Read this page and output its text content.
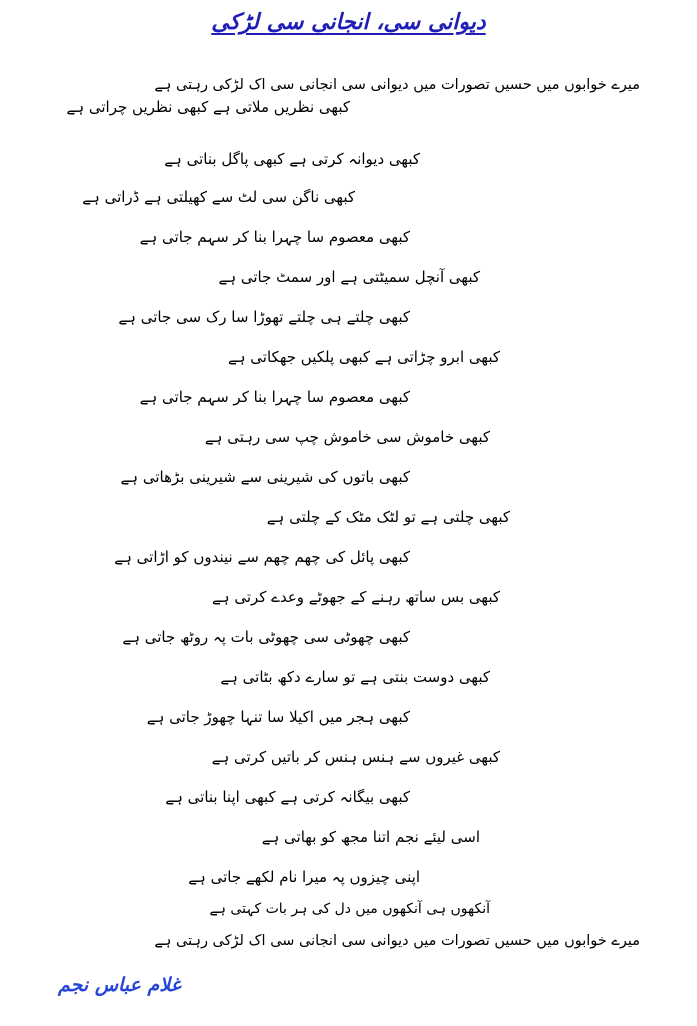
دیوانی سی، انجانی سی لڑکی
میرے خوابوں میں حسیں تصورات میں دیوانی سی انجانی سی اک لڑکی رہتی ہے
کبھی نظریں ملاتی ہے کبھی نظریں چراتی ہے
کبھی دیوانہ کرتی ہے کبھی پاگل بناتی ہے
کبھی ناگن سی لٹ سے کھیلتی ہے ڈراتی ہے
کبھی معصوم سا چہرا بنا کر سہم جاتی ہے
کبھی آنچل سمیٹتی ہے اور سمٹ جاتی ہے
کبھی چلتے ہی چلتے تھوڑا سا رک سی جاتی ہے
کبھی ابرو چڑاتی ہے کبھی پلکیں جھکاتی ہے
کبھی معصوم سا چہرا بنا کر سہم جاتی ہے
کبھی خاموش سی خاموش چپ سی رہتی ہے
کبھی باتوں کی شیرینی سے شیرینی بڑھاتی ہے
کبھی چلتی ہے تو لٹک مٹک کے چلتی ہے
کبھی پائل کی چھم چھم سے نیندوں کو اڑاتی ہے
کبھی بس ساتھ رہنے کے جھوٹے وعدے کرتی ہے
کبھی چھوٹی سی چھوٹی بات پہ روٹھ جاتی ہے
کبھی دوست بنتی ہے تو سارے دکھ بٹاتی ہے
کبھی ہجر میں اکیلا سا تنہا چھوڑ جاتی ہے
کبھی غیروں سے ہنس ہنس کر باتیں کرتی ہے
کبھی بیگانہ کرتی ہے کبھی اپنا بناتی ہے
اسی لیئے نجم اتنا مجھ کو بھاتی ہے
اپنی چیزوں پہ میرا نام لکھے جاتی ہے
آنکھوں ہی آنکھوں میں دل کی ہر بات کہتی ہے
میرے خوابوں میں حسیں تصورات میں دیوانی سی انجانی سی اک لڑکی رہتی ہے
غلام عباس نجم
